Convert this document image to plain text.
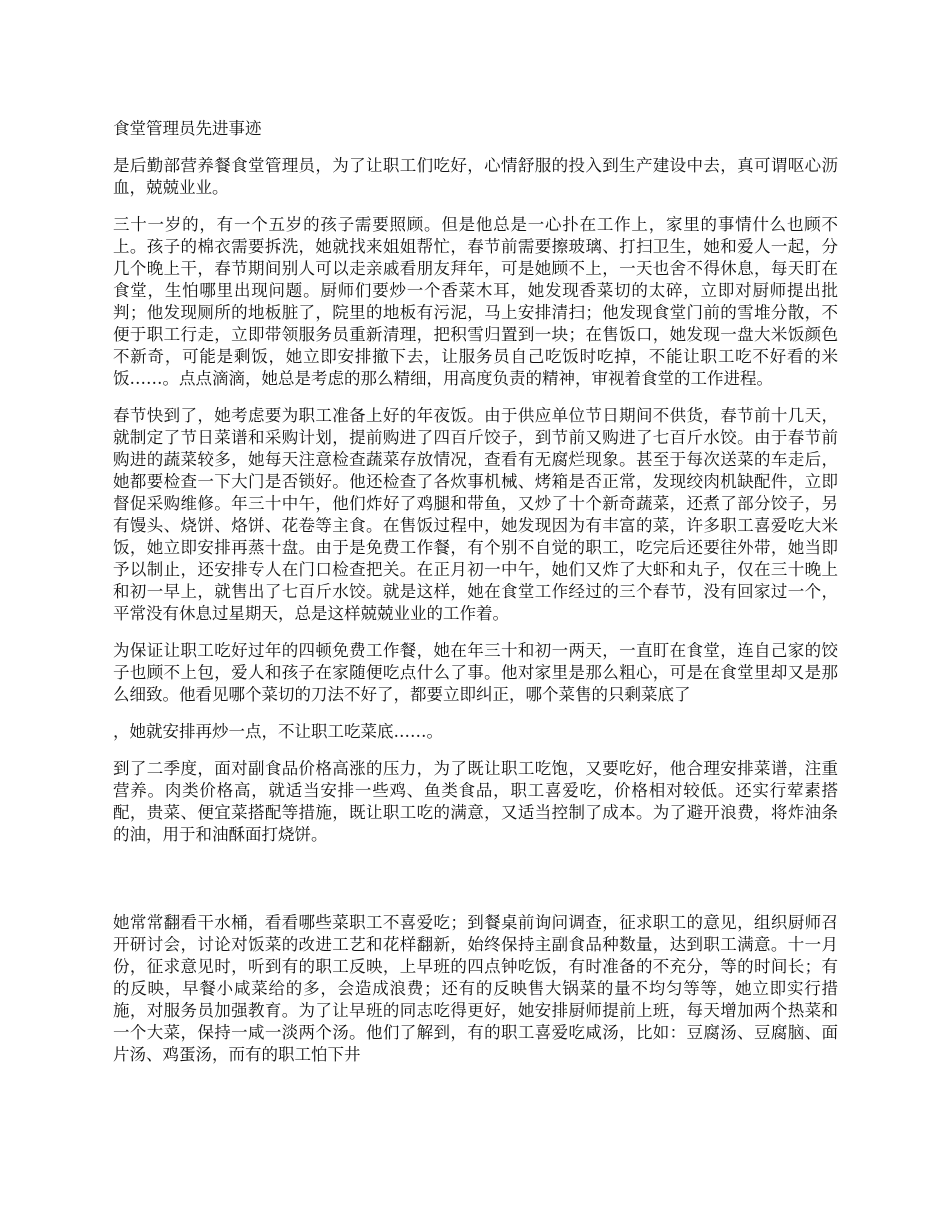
食堂管理员先进事迹

是后勤部营养餐食堂管理员，为了让职工们吃好，心情舒服的投入到生产建设中去，真可谓呕心沥血，兢兢业业。

三十一岁的，有一个五岁的孩子需要照顾。但是他总是一心扑在工作上，家里的事情什么也顾不上。孩子的棉衣需要拆洗，她就找来姐姐帮忙，春节前需要擦玻璃、打扫卫生，她和爱人一起，分几个晚上干，春节期间别人可以走亲戚看朋友拜年，可是她顾不上，一天也舍不得休息，每天盯在食堂，生怕哪里出现问题。厨师们要炒一个香菜木耳，她发现香菜切的太碎，立即对厨师提出批判；他发现厕所的地板脏了，院里的地板有污泥，马上安排清扫；他发现食堂门前的雪堆分散，不便于职工行走，立即带领服务员重新清理，把积雪归置到一块；在售饭口，她发现一盘大米饭颜色不新奇，可能是剩饭，她立即安排撤下去，让服务员自己吃饭时吃掉，不能让职工吃不好看的米饭……。点点滴滴，她总是考虑的那么精细，用高度负责的精神，审视着食堂的工作进程。

春节快到了，她考虑要为职工准备上好的年夜饭。由于供应单位节日期间不供货，春节前十几天，就制定了节日菜谱和采购计划，提前购进了四百斤饺子，到节前又购进了七百斤水饺。由于春节前购进的蔬菜较多，她每天注意检查蔬菜存放情况，查看有无腐烂现象。甚至于每次送菜的车走后，她都要检查一下大门是否锁好。他还检查了各炊事机械、烤箱是否正常，发现绞肉机缺配件，立即督促采购维修。年三十中午，他们炸好了鸡腿和带鱼，又炒了十个新奇蔬菜，还煮了部分饺子，另有馒头、烧饼、烙饼、花卷等主食。在售饭过程中，她发现因为有丰富的菜，许多职工喜爱吃大米饭，她立即安排再蒸十盘。由于是免费工作餐，有个别不自觉的职工，吃完后还要往外带，她当即予以制止，还安排专人在门口检查把关。在正月初一中午，她们又炸了大虾和丸子，仅在三十晚上和初一早上，就售出了七百斤水饺。就是这样，她在食堂工作经过的三个春节，没有回家过一个，平常没有休息过星期天，总是这样兢兢业业的工作着。

为保证让职工吃好过年的四顿免费工作餐，她在年三十和初一两天，一直盯在食堂，连自己家的饺子也顾不上包，爱人和孩子在家随便吃点什么了事。他对家里是那么粗心，可是在食堂里却又是那么细致。他看见哪个菜切的刀法不好了，都要立即纠正，哪个菜售的只剩菜底了

，她就安排再炒一点，不让职工吃菜底……。

到了二季度，面对副食品价格高涨的压力，为了既让职工吃饱，又要吃好，他合理安排菜谱，注重营养。肉类价格高，就适当安排一些鸡、鱼类食品，职工喜爱吃，价格相对较低。还实行荤素搭配，贵菜、便宜菜搭配等措施，既让职工吃的满意，又适当控制了成本。为了避开浪费，将炸油条的油，用于和油酥面打烧饼。

她常常翻看干水桶，看看哪些菜职工不喜爱吃；到餐桌前询问调查，征求职工的意见，组织厨师召开研讨会，讨论对饭菜的改进工艺和花样翻新，始终保持主副食品种数量，达到职工满意。十一月份，征求意见时，听到有的职工反映，上早班的四点钟吃饭，有时准备的不充分，等的时间长；有的反映，早餐小咸菜给的多，会造成浪费；还有的反映售大锅菜的量不均匀等等，她立即实行措施，对服务员加强教育。为了让早班的同志吃得更好，她安排厨师提前上班，每天增加两个热菜和一个大菜，保持一咸一淡两个汤。他们了解到，有的职工喜爱吃咸汤，比如：豆腐汤、豆腐脑、面片汤、鸡蛋汤，而有的职工怕下井
